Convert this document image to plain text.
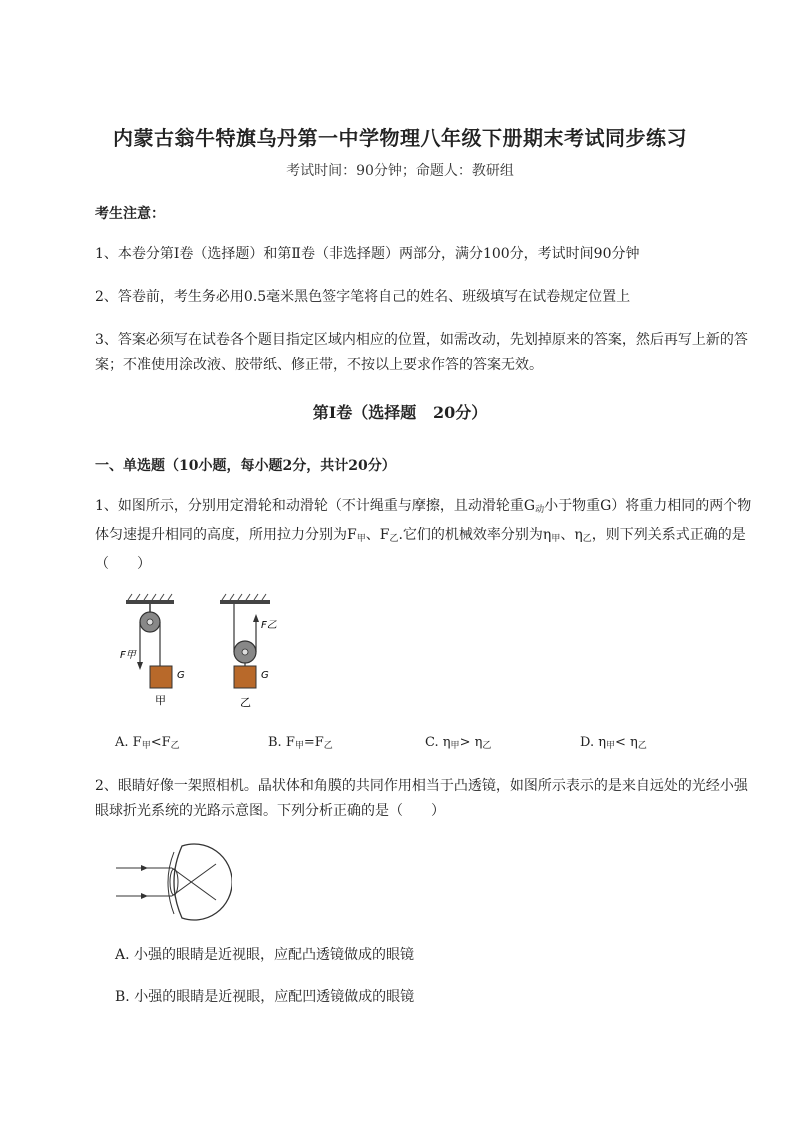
内蒙古翁牛特旗乌丹第一中学物理八年级下册期末考试同步练习
考试时间：90分钟；命题人：教研组
考生注意：
1、本卷分第I卷（选择题）和第Ⅱ卷（非选择题）两部分，满分100分，考试时间90分钟
2、答卷前，考生务必用0.5毫米黑色签字笔将自己的姓名、班级填写在试卷规定位置上
3、答案必须写在试卷各个题目指定区域内相应的位置，如需改动，先划掉原来的答案，然后再写上新的答案；不准使用涂改液、胶带纸、修正带，不按以上要求作答的答案无效。
第I卷（选择题   20分）
一、单选题（10小题，每小题2分，共计20分）
1、如图所示，分别用定滑轮和动滑轮（不计绳重与摩擦，且动滑轮重$G_动$小于物重G）将重力相同的两个物体匀速提升相同的高度，所用拉力分别为$F_甲$、$F_乙$.它们的机械效率分别为$\eta_甲$、$\eta_乙$，则下列关系式正确的是（　　）
F甲
G
甲
F乙
G
乙
A. $F_甲<F_乙$	B. $F_甲=F_乙$	C. $\eta_甲> \eta_乙$	D. $\eta_甲< \eta_乙$
2、眼睛好像一架照相机。晶状体和角膜的共同作用相当于凸透镜，如图所示表示的是来自远处的光经小强眼球折光系统的光路示意图。下列分析正确的是（　　）
A. 小强的眼睛是近视眼，应配凸透镜做成的眼镜
B. 小强的眼睛是近视眼，应配凹透镜做成的眼镜
